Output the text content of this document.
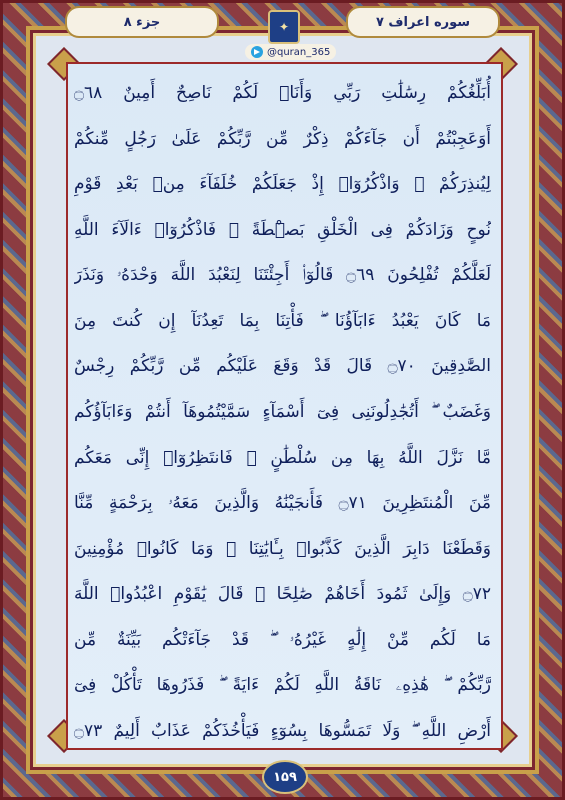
جزء ۸	سوره اعراف ۷
✦
@quran_365
أُبَلِّغُكُمْ رِسَٰلَٰتِ رَبِّي وَأَنَا۠ لَكُمْ نَاصِحٌ أَمِينٌ ۝٦٨
أَوَعَجِبْتُمْ أَن جَآءَكُمْ ذِكْرٌ مِّن رَّبِّكُمْ عَلَىٰ رَجُلٍ مِّنكُمْ
لِيُنذِرَكُمْ ۚ وَاذْكُرُوٓا۟ إِذْ جَعَلَكُمْ خُلَفَآءَ مِنۢ بَعْدِ قَوْمِ
نُوحٍ وَزَادَكُمْ فِى الْخَلْقِ بَصْۜطَةً ۖ فَاذْكُرُوٓا۟ ءَالَآءَ اللَّهِ
لَعَلَّكُمْ تُفْلِحُونَ ۝٦٩ قَالُوٓا۟ أَجِئْتَنَا لِنَعْبُدَ اللَّهَ وَحْدَهُۥ وَنَذَرَ
مَا كَانَ يَعْبُدُ ءَابَآؤُنَا ۖ فَأْتِنَا بِمَا تَعِدُنَآ إِن كُنتَ مِنَ
الصَّٰدِقِينَ ۝٧٠ قَالَ قَدْ وَقَعَ عَلَيْكُم مِّن رَّبِّكُمْ رِجْسٌ
وَغَضَبٌ ۖ أَتُجَٰدِلُونَنِى فِىٓ أَسْمَآءٍ سَمَّيْتُمُوهَآ أَنتُمْ وَءَابَآؤُكُم
مَّا نَزَّلَ اللَّهُ بِهَا مِن سُلْطَٰنٍ ۚ فَانتَظِرُوٓا۟ إِنِّى مَعَكُم
مِّنَ الْمُنتَظِرِينَ ۝٧١ فَأَنجَيْنَٰهُ وَالَّذِينَ مَعَهُۥ بِرَحْمَةٍ مِّنَّا
وَقَطَعْنَا دَابِرَ الَّذِينَ كَذَّبُوا۟ بِـَٔايَٰتِنَا ۖ وَمَا كَانُوا۟ مُؤْمِنِينَ
۝٧٢ وَإِلَىٰ ثَمُودَ أَخَاهُمْ صَٰلِحًا ۗ قَالَ يَٰقَوْمِ اعْبُدُوا۟ اللَّهَ
مَا لَكُم مِّنْ إِلَٰهٍ غَيْرُهُۥ ۖ قَدْ جَآءَتْكُم بَيِّنَةٌ مِّن
رَّبِّكُمْ ۖ هَٰذِهِۦ نَاقَةُ اللَّهِ لَكُمْ ءَايَةً ۖ فَذَرُوهَا تَأْكُلْ فِىٓ
أَرْضِ اللَّهِ ۖ وَلَا تَمَسُّوهَا بِسُوٓءٍ فَيَأْخُذَكُمْ عَذَابٌ أَلِيمٌ ۝٧٣
۱۵۹
